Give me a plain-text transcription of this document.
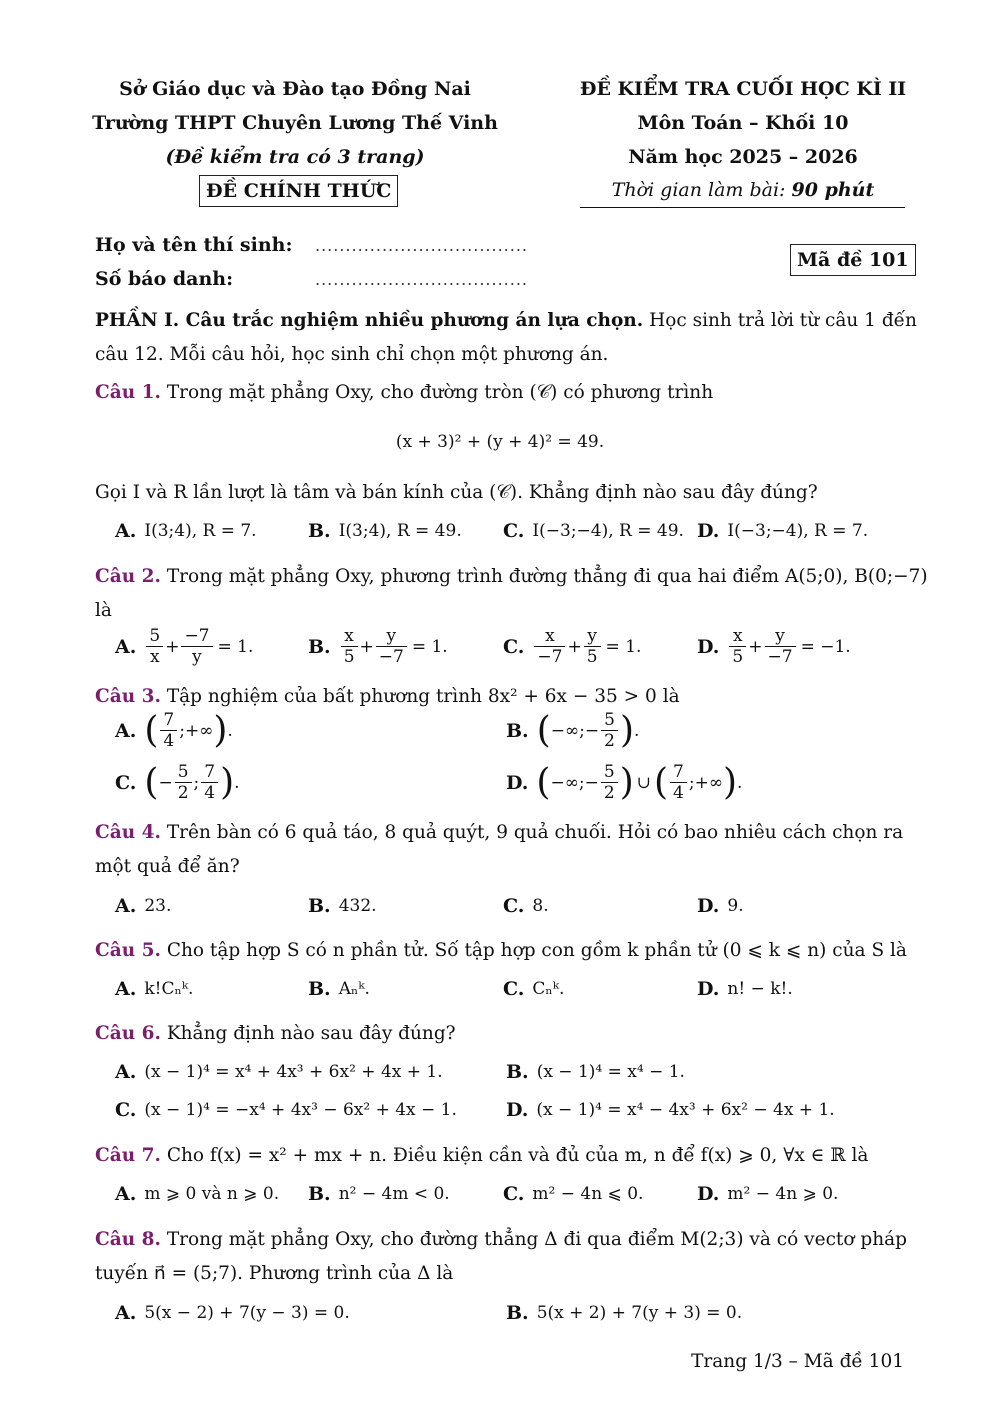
Sở Giáo dục và Đào tạo Đồng Nai
Trường THPT Chuyên Lương Thế Vinh
(Đề kiểm tra có 3 trang)
ĐỀ CHÍNH THỨC
ĐỀ KIỂM TRA CUỐI HỌC KÌ II
Môn Toán – Khối 10
Năm học 2025 – 2026
Thời gian làm bài: 90 phút
Họ và tên thí sinh: ...................................
Số báo danh:	...................................
Mã đề 101
PHẦN I. Câu trắc nghiệm nhiều phương án lựa chọn. Học sinh trả lời từ câu 1 đến
câu 12. Mỗi câu hỏi, học sinh chỉ chọn một phương án.
Câu 1. Trong mặt phẳng Oxy, cho đường tròn (𝒞) có phương trình
(x + 3)² + (y + 4)² = 49.
Gọi I và R lần lượt là tâm và bán kính của (𝒞). Khẳng định nào sau đây đúng?
A. I(3;4), R = 7.	B. I(3;4), R = 49. C. I(−3;−4), R = 49. D. I(−3;−4), R = 7.
Câu 2. Trong mặt phẳng Oxy, phương trình đường thẳng đi qua hai điểm A(5;0), B(0;−7)
là
A. $\frac{5}{x} + \frac{-7}{y} = 1$.	B. $\frac{x}{5} + \frac{y}{-7} = 1$.	C. $\frac{x}{-7} + \frac{y}{5} = 1$.	D. $\frac{x}{5} + \frac{y}{-7} = -1$.
Câu 3. Tập nghiệm của bất phương trình 8x² + 6x − 35 > 0 là
A. ( $\frac{7}{4}$ ;+∞ ) .	B. ( −∞;− $\frac{5}{2}$ ) .
C. ( − $\frac{5}{2}$ ; $\frac{7}{4}$ ) .	D. ( −∞;− $\frac{5}{2}$ ) ∪ ( $\frac{7}{4}$ ;+∞ ) .
Câu 4. Trên bàn có 6 quả táo, 8 quả quýt, 9 quả chuối. Hỏi có bao nhiêu cách chọn ra
một quả để ăn?
A. 23.	B. 432.	C. 8.	D. 9.
Câu 5. Cho tập hợp S có n phần tử. Số tập hợp con gồm k phần tử (0 ⩽ k ⩽ n) của S là
A. k!Cₙᵏ.	B. Aₙᵏ.	C. Cₙᵏ.	D. n! − k!.
Câu 6. Khẳng định nào sau đây đúng?
A. (x − 1)⁴ = x⁴ + 4x³ + 6x² + 4x + 1.	B. (x − 1)⁴ = x⁴ − 1.
C. (x − 1)⁴ = −x⁴ + 4x³ − 6x² + 4x − 1.	D. (x − 1)⁴ = x⁴ − 4x³ + 6x² − 4x + 1.
Câu 7. Cho f(x) = x² + mx + n. Điều kiện cần và đủ của m, n để f(x) ⩾ 0, ∀x ∈ ℝ là
A. m ⩾ 0 và n ⩾ 0. B. n² − 4m < 0.	C. m² − 4n ⩽ 0.	D. m² − 4n ⩾ 0.
Câu 8. Trong mặt phẳng Oxy, cho đường thẳng Δ đi qua điểm M(2;3) và có vectơ pháp
tuyến n⃗ = (5;7). Phương trình của Δ là
A. 5(x − 2) + 7(y − 3) = 0.	B. 5(x + 2) + 7(y + 3) = 0.
Trang 1/3 – Mã đề 101
